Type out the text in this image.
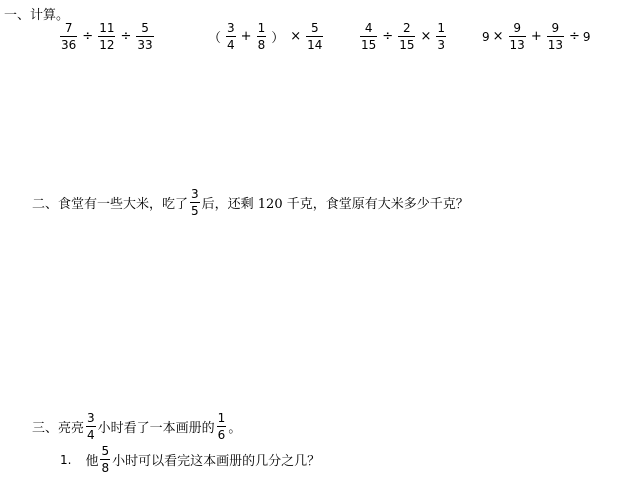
一、计算。
$\frac{7}{36} \div \frac{11}{12} \div \frac{5}{33}$	（ $\frac{3}{4} + \frac{1}{8}$ ） × $\frac{5}{14}$	$\frac{4}{15} \div \frac{2}{15} \times \frac{1}{3}$	$9 \times \frac{9}{13} + \frac{9}{13} \div 9$
二、食堂有一些大米，吃了 $\frac{3}{5}$ 后，还剩 120 千克，食堂原有大米多少千克？
三、亮亮 $\frac{3}{4}$ 小时看了一本画册的 $\frac{1}{6}$ 。
1. 他 $\frac{5}{8}$ 小时可以看完这本画册的几分之几？
